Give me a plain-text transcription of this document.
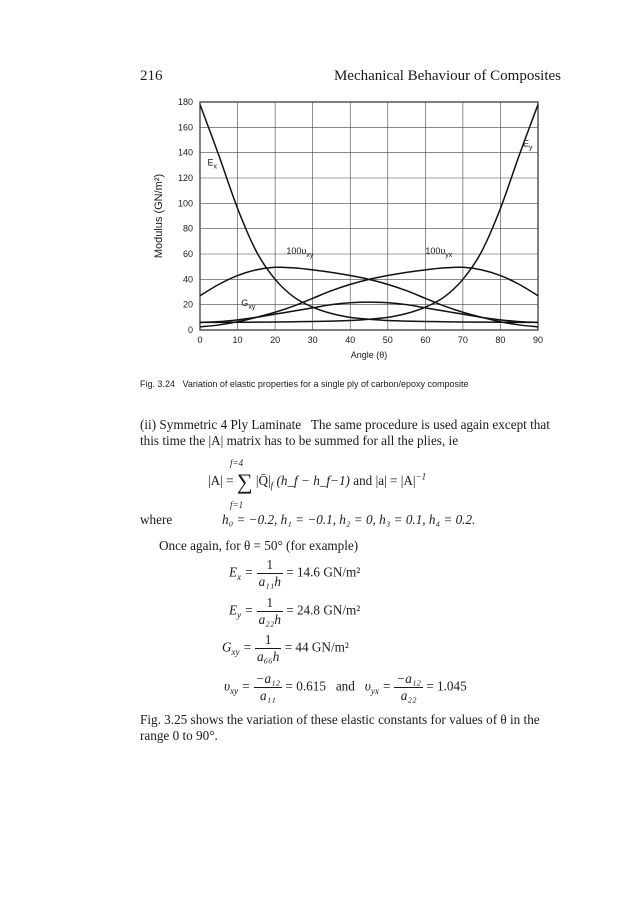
216	Mechanical Behaviour of Composites
0	10	20	30	40	50	60	70	80	90
0
20
40
60
80
100
120
140
160
180
$E_x$
$E_y$
$100\upsilon_{xy}$	$100\upsilon_{yx}$
$G_{xy}$
Modulus (GN/m²)
Angle (θ)
Fig. 3.24 Variation of elastic properties for a single ply of carbon/epoxy composite
(ii) Symmetric 4 Ply Laminate The same procedure is used again except that
this time the |A| matrix has to be summed for all the plies, ie
f=4
|A| = ∑ $|Q̄|_f$ (h_f − h_f−1) and $|a| = |A|^{-1}$
f=1
where	h₀ = −0.2, h₁ = −0.1, h₂ = 0, h₃ = 0.1, h₄ = 0.2.
Once again, for θ = 50° (for example)
$E_x = \frac{1}{\text{a₁₁h}} = 14.6$ GN/m²
$E_y = \frac{1}{\text{a₂₂h}} = 24.8$ GN/m²
$G_{xy} = \frac{1}{\text{a₆₆h}} = 44$ GN/m²
$\upsilon_{xy} = \frac{\text{−a₁₂}}{\text{a₁₁}} = 0.615$ and $\upsilon_{yx} = \frac{\text{−a₁₂}}{\text{a₂₂}} = 1.045$
Fig. 3.25 shows the variation of these elastic constants for values of θ in the
range 0 to 90°.
